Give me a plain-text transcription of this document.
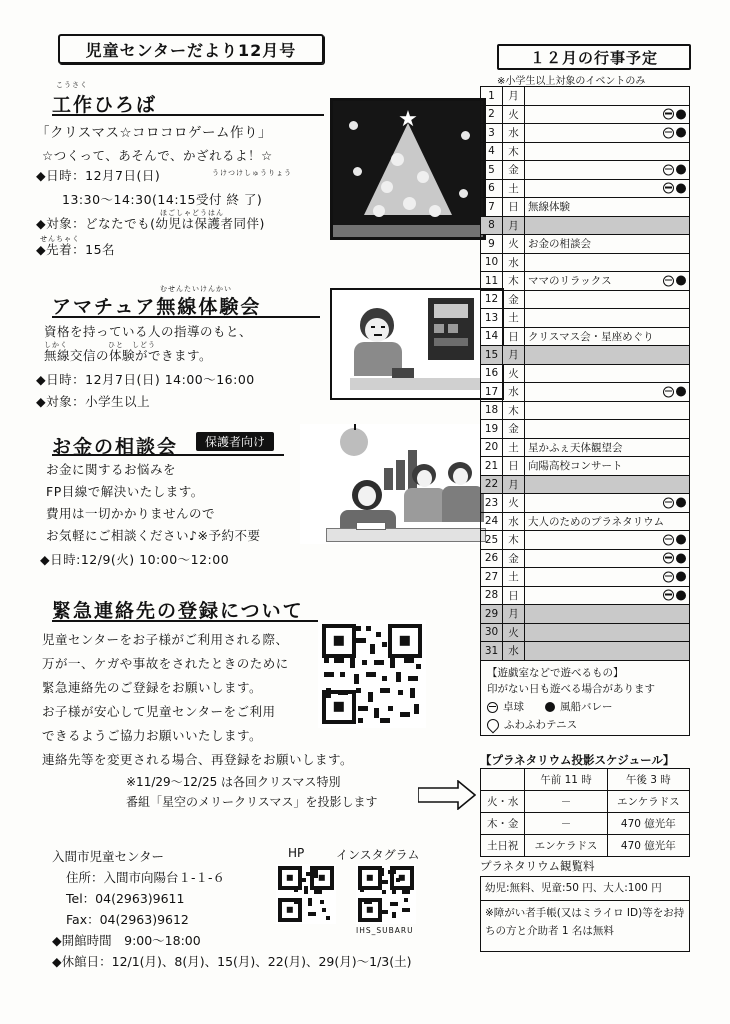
児童センターだより12月号
こうさく
工作ひろば
「クリスマス☆コロコロゲーム作り」
☆つくって、あそんで、かざれるよ！☆
うけつけしゅうりょう
◆日時：12月7日(日)
　　13:30～14:30(14:15受付 終 了)
ほごしゃどうはん
◆対象：どなたでも(幼児は保護者同伴)
せんちゃく
◆先着：15名
★
むせんたいけんかい
アマチュア無線体験会
資格を持っている人の指導のもと、
しかく　　　　　ひと　しどう
無線交信の体験ができます。
◆日時：12月7日(日) 14:00～16:00
◆対象：小学生以上
お金の相談会 保護者向け
お金に関するお悩みを
FP目線で解決いたします。
費用は一切かかりませんので
お気軽にご相談ください♪※予約不要
◆日時:12/9(火) 10:00～12:00
緊急連絡先の登録について
児童センターをお子様がご利用される際、
万が一、ケガや事故をされたときのために
緊急連絡先のご登録をお願いします。
お子様が安心して児童センターをご利用
できるようご協力お願いいたします。
連絡先等を変更される場合、再登録をお願いします。
※11/29～12/25 は各回クリスマス特別
番組「星空のメリークリスマス」を投影します
入間市児童センター
住所：入間市向陽台１-１-６
Tel：04(2963)9611
Fax：04(2963)9612
◆開館時間　9:00～18:00
◆休館日：12/1(月)、8(月)、15(月)、22(月)、29(月)～1/3(土)
HP	インスタグラム
IHS_SUBARU
１２月の行事予定
※小学生以上対象のイベントのみ
1	月	
2	火	

3	水	

4	木	
5	金	

6	土	

7	日	無線体験
8	月	
9	火	お金の相談会
10	水	
11	木	ママのリラックス

12	金	
13	土	
14	日	クリスマス会・星座めぐり
15	月	
16	火	
17	水	

18	木	
19	金	
20	土	星かふぇ天体観望会
21	日	向陽高校コンサート
22	月	
23	火	

24	水	大人のためのプラネタリウム
25	木	

26	金	

27	土	

28	日	

29	月	
30	火	
31	水	
【遊戯室などで遊べるもの】
印がない日も遊べる場合があります
卓球	風船バレー
ふわふわテニス
【プラネタリウム投影スケジュール】
	午前 11 時	午後 3 時
火・水	－	エンケラドス
木・金	－	470 億光年
土日祝	エンケラドス	470 億光年
プラネタリウム観覧料
幼児:無料、児童:50 円、大人:100 円
※障がい者手帳(又はミライロ ID)等をお持ちの方と介助者 1 名は無料
